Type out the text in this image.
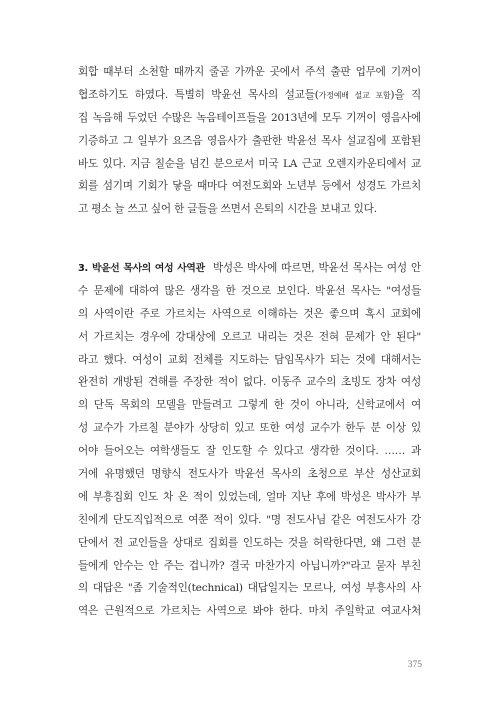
회합 때부터 소천할 때까지 줄곧 가까운 곳에서 주석 출판 업무에 기꺼이
협조하기도 하였다. 특별히 박윤선 목사의 설교들(가정예배 설교 포함)을 직
집 녹음해 두었던 수많은 녹음테이프들을 2013년에 모두 기꺼이 영음사에
기증하고 그 일부가 요즈음 영음사가 출판한 박윤선 목사 설교집에 포함된
바도 있다. 지금 칠순을 넘긴 분으로서 미국 LA 근교 오렌지카운티에서 교
회를 섬기며 기회가 닿을 때마다 여전도회와 노년부 등에서 성경도 가르치
고 평소 늘 쓰고 싶어 한 글들을 쓰면서 은퇴의 시간을 보내고 있다.
3. 박윤선 목사의 여성 사역관 박성은 박사에 따르면, 박윤선 목사는 여성 안
수 문제에 대하여 많은 생각을 한 것으로 보인다. 박윤선 목사는 "여성들
의 사역이란 주로 가르치는 사역으로 이해하는 것은 좋으며 혹시 교회에
서 가르치는 경우에 강대상에 오르고 내리는 것은 전혀 문제가 안 된다"
라고 했다. 여성이 교회 전체를 지도하는 담임목사가 되는 것에 대해서는
완전히 개방된 견해를 주장한 적이 없다. 이동주 교수의 초빙도 장차 여성
의 단독 목회의 모델을 만들려고 그렇게 한 것이 아니라, 신학교에서 여
성 교수가 가르칠 분야가 상당히 있고 또한 여성 교수가 한두 분 이상 있
어야 들어오는 여학생들도 잘 인도할 수 있다고 생각한 것이다. …… 과
거에 유명했던 명향식 전도사가 박윤선 목사의 초청으로 부산 성산교회
에 부흥집회 인도 차 온 적이 있었는데, 얼마 지난 후에 박성은 박사가 부
친에게 단도직입적으로 여쭌 적이 있다. "명 전도사님 같은 여전도사가 강
단에서 전 교인들을 상대로 집회를 인도하는 것을 허락한다면, 왜 그런 분
들에게 안수는 안 주는 겁니까? 결국 마찬가지 아닙니까?"라고 묻자 부친
의 대답은 "좀 기술적인(technical) 대답일지는 모르나, 여성 부흥사의 사
역은 근원적으로 가르치는 사역으로 봐야 한다. 마치 주일학교 여교사처
375
